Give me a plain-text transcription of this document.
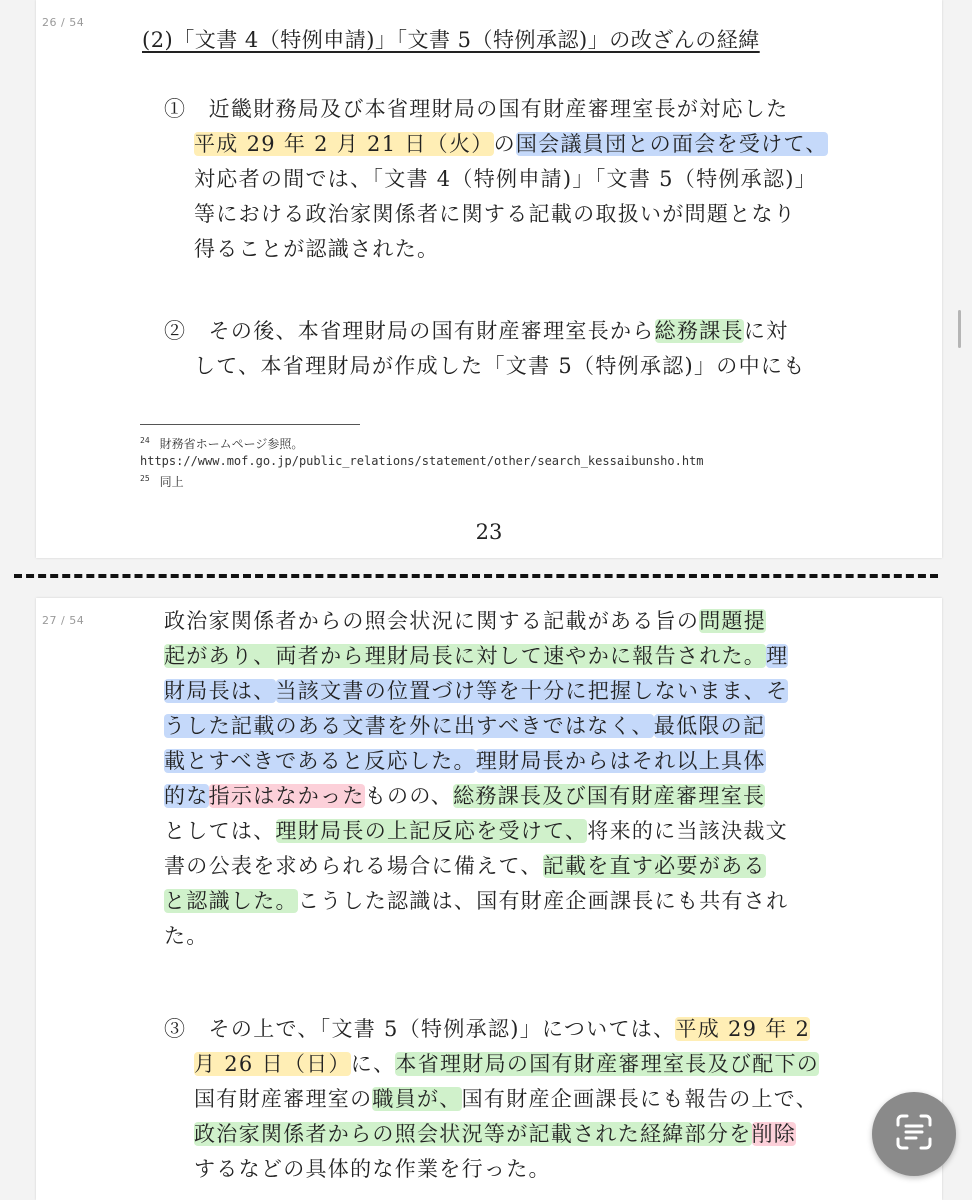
26 / 54
(2)「文書 4（特例申請)」「文書 5（特例承認)」の改ざんの経緯

①　近畿財務局及び本省理財局の国有財産審理室長が対応した
平成 29 年 2 月 21 日（火）の国会議員団との面会を受けて、
対応者の間では、「文書 4（特例申請)」「文書 5（特例承認)」
等における政治家関係者に関する記載の取扱いが問題となり
得ることが認識された。

②　その後、本省理財局の国有財産審理室長から総務課長に対
して、本省理財局が作成した「文書 5（特例承認)」の中にも

$^{24}$ 財務省ホームページ参照。
https://www.mof.go.jp/public_relations/statement/other/search_kessaibunsho.htm
$^{25}$ 同上
23
27 / 54	政治家関係者からの照会状況に関する記載がある旨の問題提
起があり、両者から理財局長に対して速やかに報告された。理
財局長は、当該文書の位置づけ等を十分に把握しないまま、そ
うした記載のある文書を外に出すべきではなく、最低限の記
載とすべきであると反応した。理財局長からはそれ以上具体
的な指示はなかったものの、総務課長及び国有財産審理室長
としては、理財局長の上記反応を受けて、将来的に当該決裁文
書の公表を求められる場合に備えて、記載を直す必要がある
と認識した。こうした認識は、国有財産企画課長にも共有され
た。

③　その上で、「文書 5（特例承認)」については、平成 29 年 2
月 26 日（日）に、本省理財局の国有財産審理室長及び配下の
国有財産審理室の職員が、国有財産企画課長にも報告の上で、
政治家関係者からの照会状況等が記載された経緯部分を削除
するなどの具体的な作業を行った。
